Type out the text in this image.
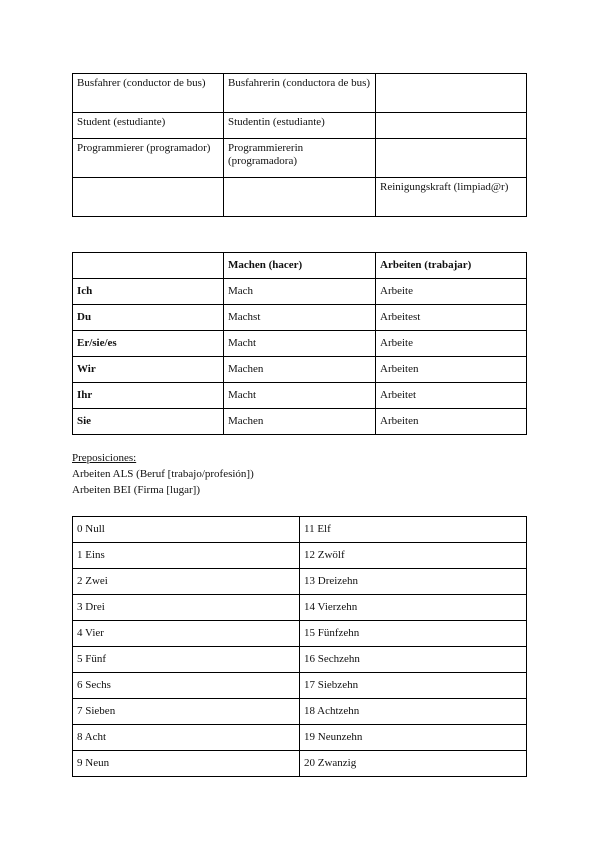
Busfahrer (conductor de bus)	Busfahrerin (conductora de bus)	
Student (estudiante)	Studentin (estudiante)	
Programmierer (programador)	Programmiererin (programadora)	
		Reinigungskraft (limpiad@r)
	Machen (hacer)	Arbeiten (trabajar)
Ich	Mach	Arbeite
Du	Machst	Arbeitest
Er/sie/es	Macht	Arbeite
Wir	Machen	Arbeiten
Ihr	Macht	Arbeitet
Sie	Machen	Arbeiten
Preposiciones:
Arbeiten ALS (Beruf [trabajo/profesión])
Arbeiten BEI (Firma [lugar])
0 Null	11 Elf
1 Eins	12 Zwölf
2 Zwei	13 Dreizehn
3 Drei	14 Vierzehn
4 Vier	15 Fünfzehn
5 Fünf	16 Sechzehn
6 Sechs	17 Siebzehn
7 Sieben	18 Achtzehn
8 Acht	19 Neunzehn
9 Neun	20 Zwanzig
